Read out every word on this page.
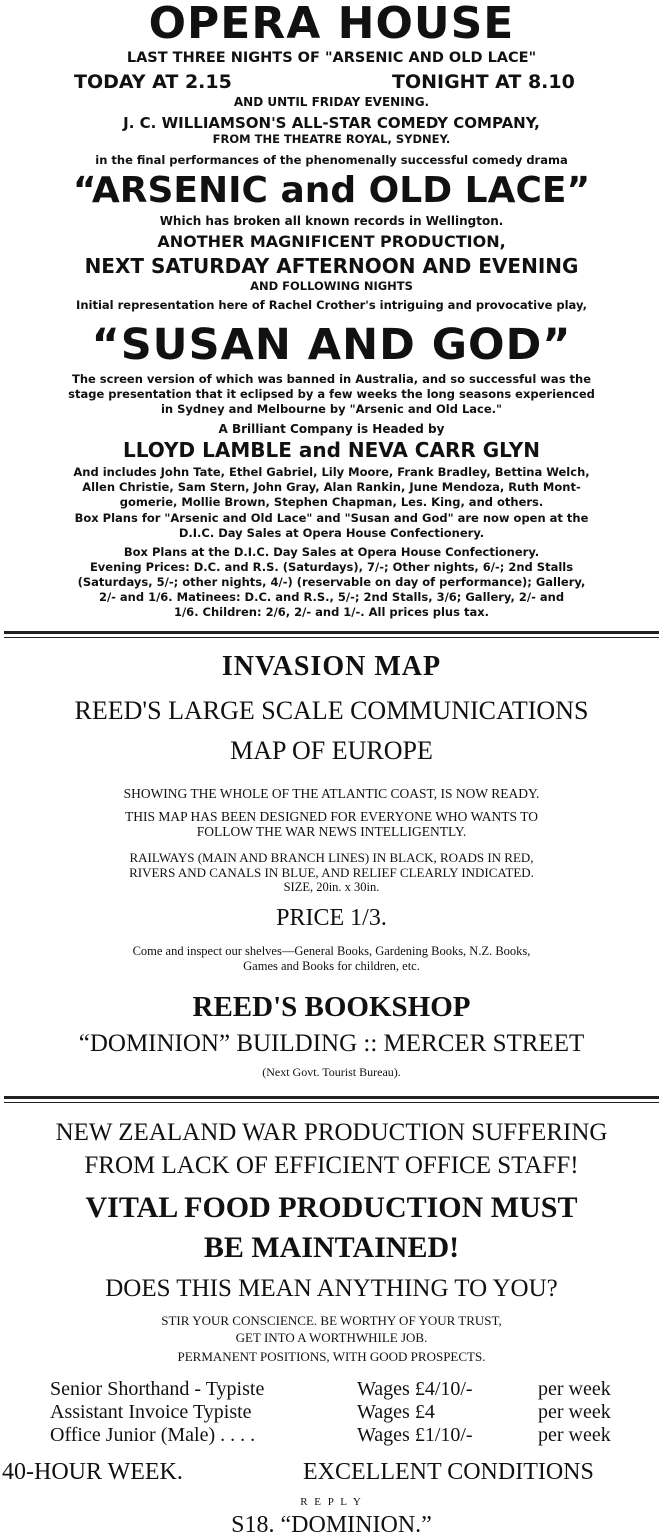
OPERA HOUSE
LAST THREE NIGHTS OF "ARSENIC AND OLD LACE"
TODAY AT 2.15	TONIGHT AT 8.10
AND UNTIL FRIDAY EVENING.
J. C. WILLIAMSON'S ALL-STAR COMEDY COMPANY,
FROM THE THEATRE ROYAL, SYDNEY.
in the final performances of the phenomenally successful comedy drama
“ARSENIC and OLD LACE”
Which has broken all known records in Wellington.
ANOTHER MAGNIFICENT PRODUCTION,
NEXT SATURDAY AFTERNOON AND EVENING
AND FOLLOWING NIGHTS
Initial representation here of Rachel Crother's intriguing and provocative play,
“SUSAN AND GOD”
The screen version of which was banned in Australia, and so successful was the
stage presentation that it eclipsed by a few weeks the long seasons experienced
in Sydney and Melbourne by "Arsenic and Old Lace."
A Brilliant Company is Headed by
LLOYD LAMBLE and NEVA CARR GLYN
And includes John Tate, Ethel Gabriel, Lily Moore, Frank Bradley, Bettina Welch,
Allen Christie, Sam Stern, John Gray, Alan Rankin, June Mendoza, Ruth Mont-
gomerie, Mollie Brown, Stephen Chapman, Les. King, and others.
Box Plans for "Arsenic and Old Lace" and "Susan and God" are now open at the
D.I.C. Day Sales at Opera House Confectionery.
Box Plans at the D.I.C. Day Sales at Opera House Confectionery.
Evening Prices: D.C. and R.S. (Saturdays), 7/-; Other nights, 6/-; 2nd Stalls
(Saturdays, 5/-; other nights, 4/-) (reservable on day of performance); Gallery,
2/- and 1/6. Matinees: D.C. and R.S., 5/-; 2nd Stalls, 3/6; Gallery, 2/- and
1/6. Children: 2/6, 2/- and 1/-. All prices plus tax.
INVASION MAP
REED'S LARGE SCALE COMMUNICATIONS
MAP OF EUROPE
SHOWING THE WHOLE OF THE ATLANTIC COAST, IS NOW READY.
THIS MAP HAS BEEN DESIGNED FOR EVERYONE WHO WANTS TO
FOLLOW THE WAR NEWS INTELLIGENTLY.
RAILWAYS (MAIN AND BRANCH LINES) IN BLACK, ROADS IN RED,
RIVERS AND CANALS IN BLUE, AND RELIEF CLEARLY INDICATED.
SIZE, 20in. x 30in.
PRICE 1/3.
Come and inspect our shelves—General Books, Gardening Books, N.Z. Books,
Games and Books for children, etc.
REED'S BOOKSHOP
“DOMINION” BUILDING :: MERCER STREET
(Next Govt. Tourist Bureau).
NEW ZEALAND WAR PRODUCTION SUFFERING
FROM LACK OF EFFICIENT OFFICE STAFF!
VITAL FOOD PRODUCTION MUST
BE MAINTAINED!
DOES THIS MEAN ANYTHING TO YOU?
STIR YOUR CONSCIENCE. BE WORTHY OF YOUR TRUST,
GET INTO A WORTHWHILE JOB.
PERMANENT POSITIONS, WITH GOOD PROSPECTS.
Senior Shorthand - Typiste	Wages £4/10/-	per week
Assistant Invoice Typiste	Wages £4	per week
Office Junior (Male) . . . .	Wages £1/10/-	per week
40-HOUR WEEK.	EXCELLENT CONDITIONS
R E P L Y
S18. “DOMINION.”
